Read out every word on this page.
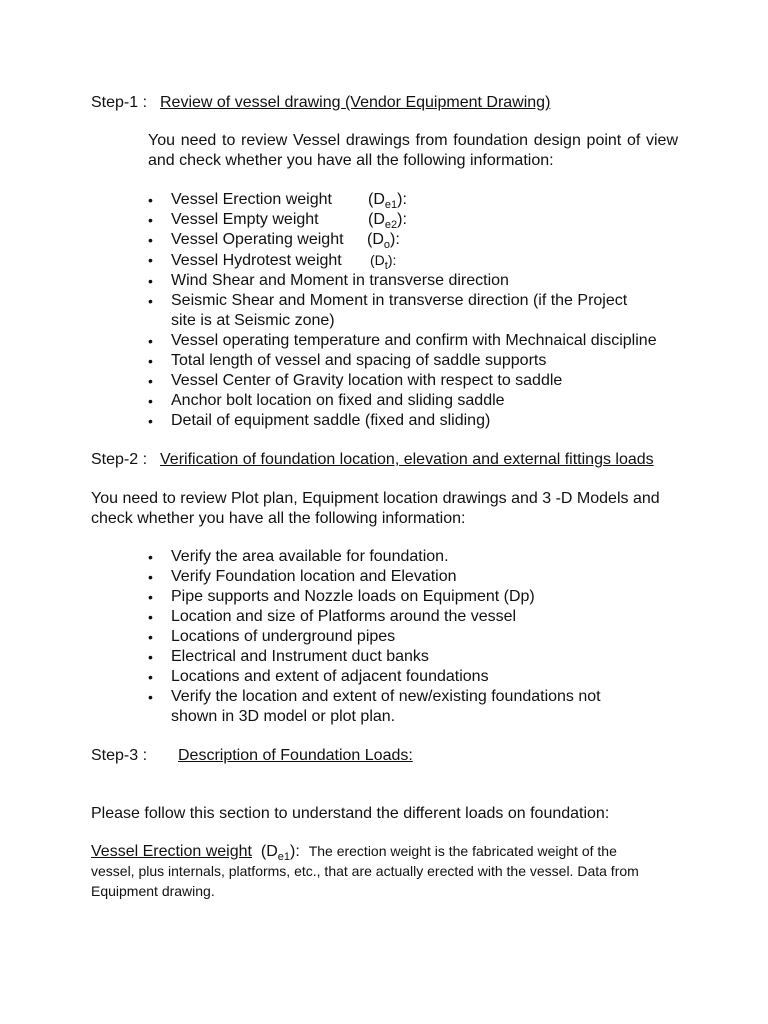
Step-1 : Review of vessel drawing (Vendor Equipment Drawing)
You need to review Vessel drawings from foundation design point of view and check whether you have all the following information:
• Vessel Erection weight $(D_{e1})$:
• Vessel Empty weight	$(D_{e2})$:
• Vessel Operating weight $(D_o)$:
• Vessel Hydrotest weight $(D_t)$:
• Wind Shear and Moment in transverse direction
• Seismic Shear and Moment in transverse direction (if the Project site is at Seismic zone)
• Vessel operating temperature and confirm with Mechnaical discipline
• Total length of vessel and spacing of saddle supports
• Vessel Center of Gravity location with respect to saddle
• Anchor bolt location on fixed and sliding saddle
• Detail of equipment saddle (fixed and sliding)
Step-2 : Verification of foundation location, elevation and external fittings loads
You need to review Plot plan, Equipment location drawings and 3 -D Models and check whether you have all the following information:
• Verify the area available for foundation.
• Verify Foundation location and Elevation
• Pipe supports and Nozzle loads on Equipment (Dp)
• Location and size of Platforms around the vessel
• Locations of underground pipes
• Electrical and Instrument duct banks
• Locations and extent of adjacent foundations
• Verify the location and extent of new/existing foundations not shown in 3D model or plot plan.
Step-3 : Description of Foundation Loads:
Please follow this section to understand the different loads on foundation:
Vessel Erection weight  $(D_{e1})$: The erection weight is the fabricated weight of the vessel, plus internals, platforms, etc., that are actually erected with the vessel. Data from Equipment drawing.
